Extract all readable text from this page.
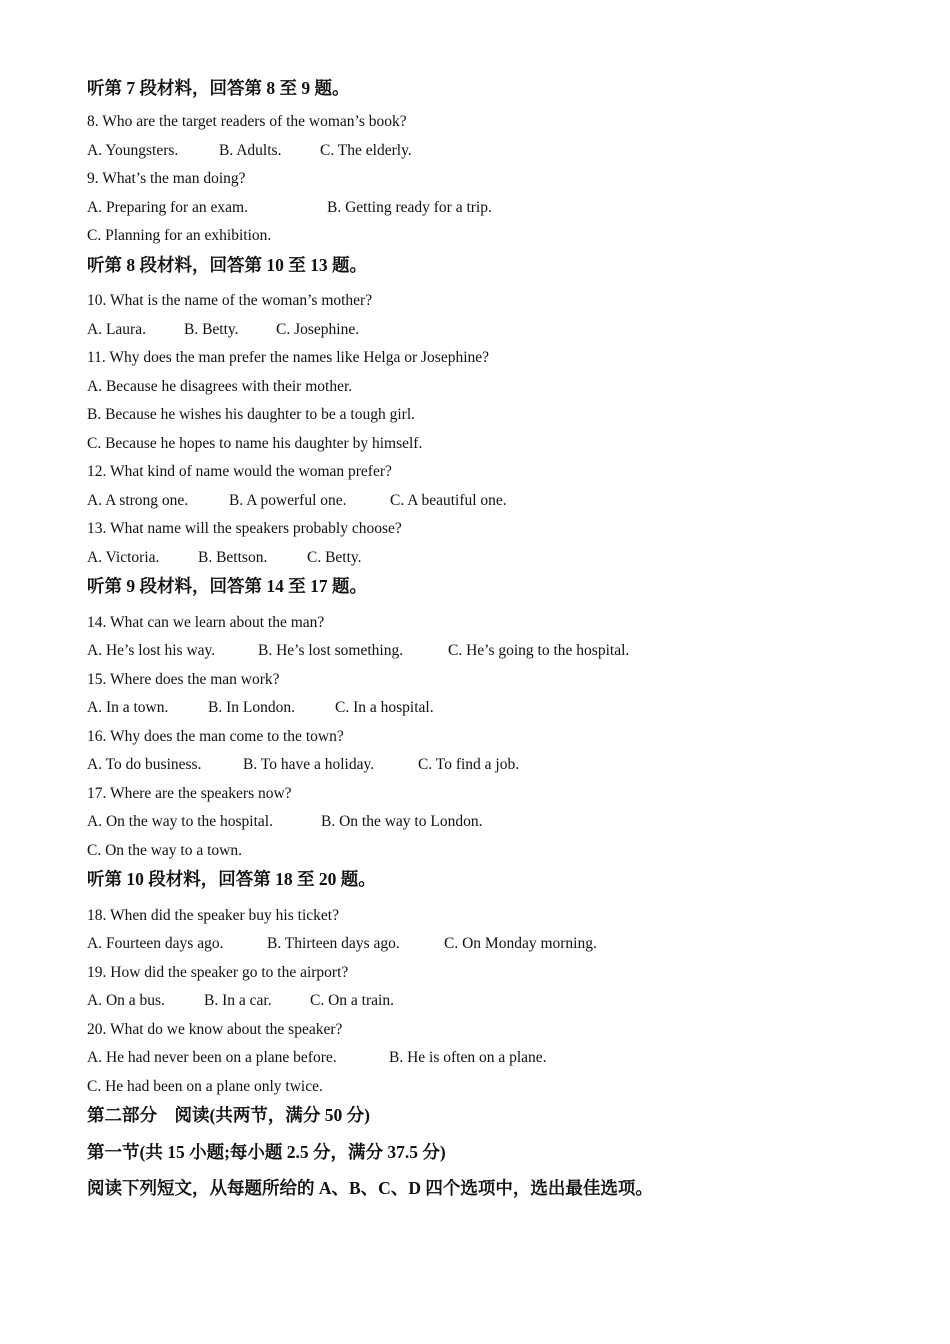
听第 7 段材料，回答第 8 至 9 题。
8. Who are the target readers of the woman’s book?
A. Youngsters.	B. Adults. C. The elderly.
9. What’s the man doing?
A. Preparing for an exam.	B. Getting ready for a trip.
C. Planning for an exhibition.
听第 8 段材料，回答第 10 至 13 题。
10. What is the name of the woman’s mother?
A. Laura. B. Betty. C. Josephine.
11. Why does the man prefer the names like Helga or Josephine?
A. Because he disagrees with their mother.
B. Because he wishes his daughter to be a tough girl.
C. Because he hopes to name his daughter by himself.
12. What kind of name would the woman prefer?
A. A strong one.	B. A powerful one.	C. A beautiful one.
13. What name will the speakers probably choose?
A. Victoria. B. Bettson.	C. Betty.
听第 9 段材料，回答第 14 至 17 题。
14. What can we learn about the man?
A. He’s lost his way.	B. He’s lost something.	C. He’s going to the hospital.
15. Where does the man work?
A. In a town.	B. In London.	C. In a hospital.
16. Why does the man come to the town?
A. To do business.	B. To have a holiday.	C. To find a job.
17. Where are the speakers now?
A. On the way to the hospital.	B. On the way to London.
C. On the way to a town.
听第 10 段材料，回答第 18 至 20 题。
18. When did the speaker buy his ticket?
A. Fourteen days ago.	B. Thirteen days ago.	C. On Monday morning.
19. How did the speaker go to the airport?
A. On a bus.	B. In a car. C. On a train.
20. What do we know about the speaker?
A. He had never been on a plane before.	B. He is often on a plane.
C. He had been on a plane only twice.
第二部分    阅读(共两节，满分 50 分)
第一节(共 15 小题;每小题 2.5 分，满分 37.5 分)
阅读下列短文，从每题所给的 A、B、C、D 四个选项中，选出最佳选项。
